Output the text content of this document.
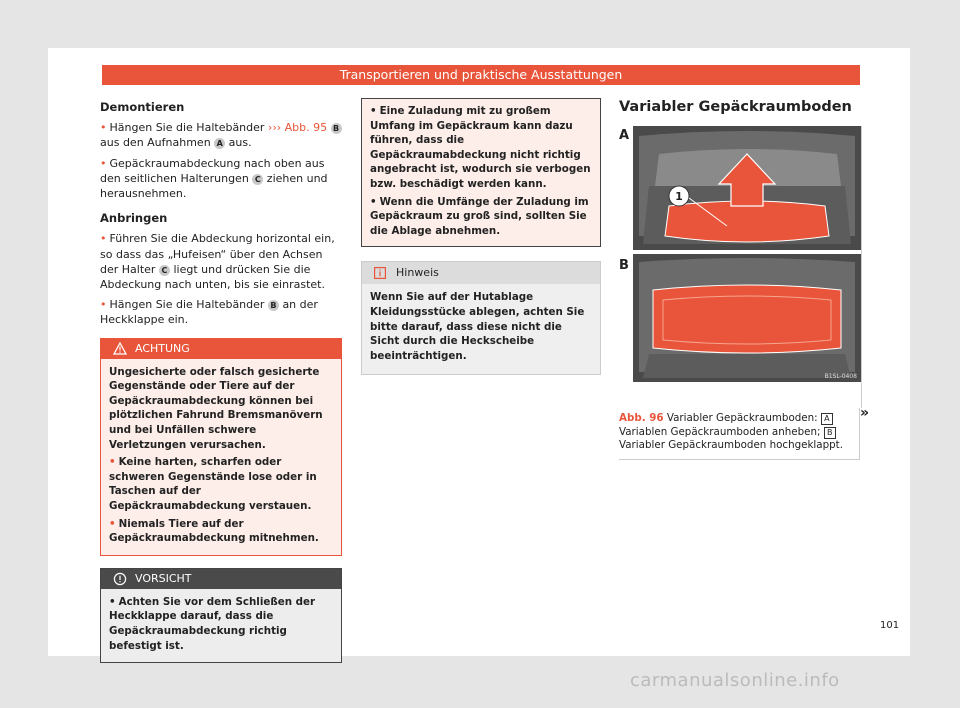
Transportieren und praktische Ausstattungen
Demontieren

• Hängen Sie die Haltebänder ››› Abb. 95 B aus den Aufnahmen A aus.

• Gepäckraumabdeckung nach oben aus den seitlichen Halterungen C ziehen und herausnehmen.

Anbringen

• Führen Sie die Abdeckung horizontal ein, so dass das „Hufeisen“ über den Achsen der Halter C liegt und drücken Sie die Abdeckung nach unten, bis sie einrastet.

• Hängen Sie die Haltebänder B an der Heckklappe ein.

ACHTUNG

Ungesicherte oder falsch gesicherte Gegenstände oder Tiere auf der Gepäckraumabdeckung können bei plötzlichen Fahrund Bremsmanövern und bei Unfällen schwere Verletzungen verursachen.

• Keine harten, scharfen oder schweren Gegenstände lose oder in Taschen auf der Gepäckraumabdeckung verstauen.

• Niemals Tiere auf der Gepäckraumabdeckung mitnehmen.

VORSICHT

• Achten Sie vor dem Schließen der Heckklappe darauf, dass die Gepäckraumabdeckung richtig befestigt ist.

• Eine Zuladung mit zu großem Umfang im Gepäckraum kann dazu führen, dass die Gepäckraumabdeckung nicht richtig angebracht ist, wodurch sie verbogen bzw. beschädigt werden kann.

• Wenn die Umfänge der Zuladung im Gepäckraum zu groß sind, sollten Sie die Ablage abnehmen.

Hinweis

Wenn Sie auf der Hutablage Kleidungsstücke ablegen, achten Sie bitte darauf, dass diese nicht die Sicht durch die Heckscheibe beeinträchtigen.

Variabler Gepäckraumboden
A
1
B
B1SL-0408
Abb. 96 Variabler Gepäckraumboden: A Variablen Gepäckraumboden anheben; B Variabler Gepäckraumboden hochgeklappt.
»
101
carmanualsonline.info
